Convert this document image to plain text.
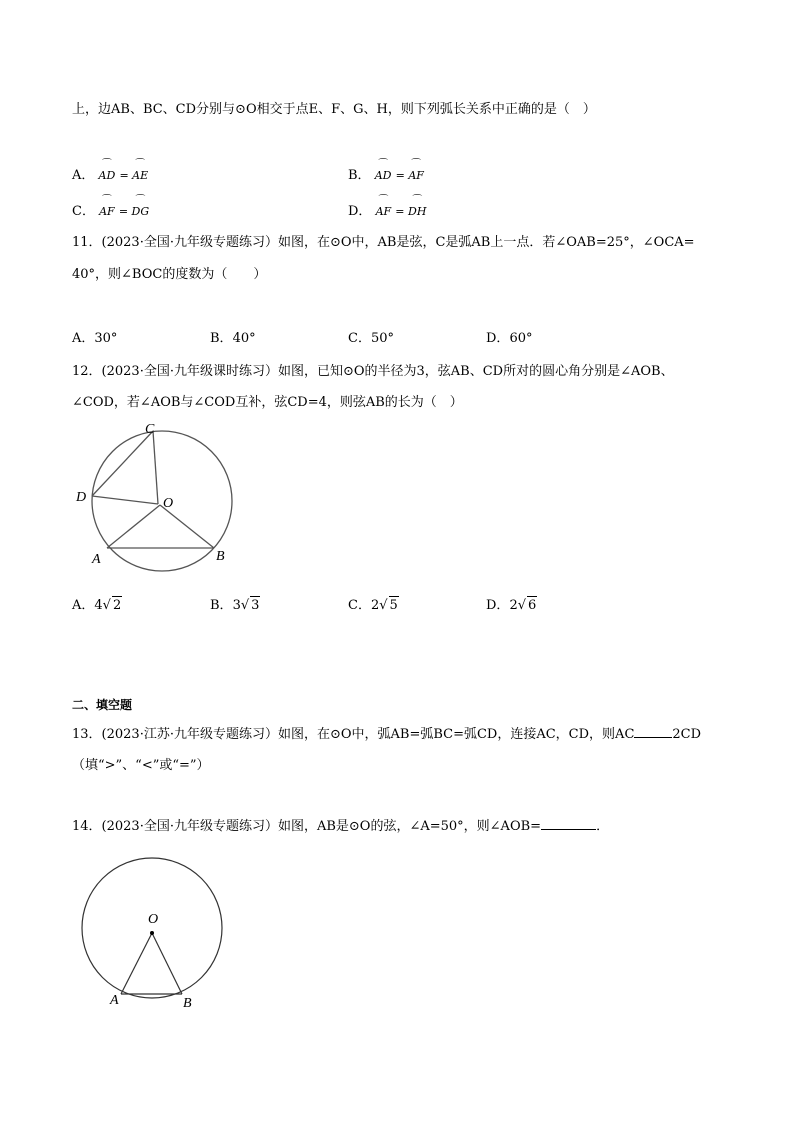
上，边AB、BC、CD分别与⊙O相交于点E、F、G、H，则下列弧长关系中正确的是（　）
A． ⌒ AD = ⌒ AE	B． ⌒ AD = ⌒ AF
C． ⌒ AF = ⌒ DG	D． ⌒ AF = ⌒ DH
11．(2023·全国·九年级专题练习）如图，在⊙O中，AB是弦，C是弧AB上一点．若∠OAB=25°，∠OCA=
40°，则∠BOC的度数为（　　）
A．30°	B．40°	C．50°	D．60°
12．(2023·全国·九年级课时练习）如图，已知⊙O的半径为3，弦AB、CD所对的圆心角分别是∠AOB、
∠COD，若∠AOB与∠COD互补，弦CD=4，则弦AB的长为（　）
C
D	O
A	B
A．4√ 2	B．3√ 3	C．2√ 5	D．2√ 6
二、填空题
13．(2023·江苏·九年级专题练习）如图，在⊙O中，弧AB=弧BC=弧CD，连接AC，CD，则AC	2CD
（填“>”、“<”或“=”）
14．(2023·全国·九年级专题练习）如图，AB是⊙O的弦，∠A=50°，则∠AOB=	．
O
A	B
